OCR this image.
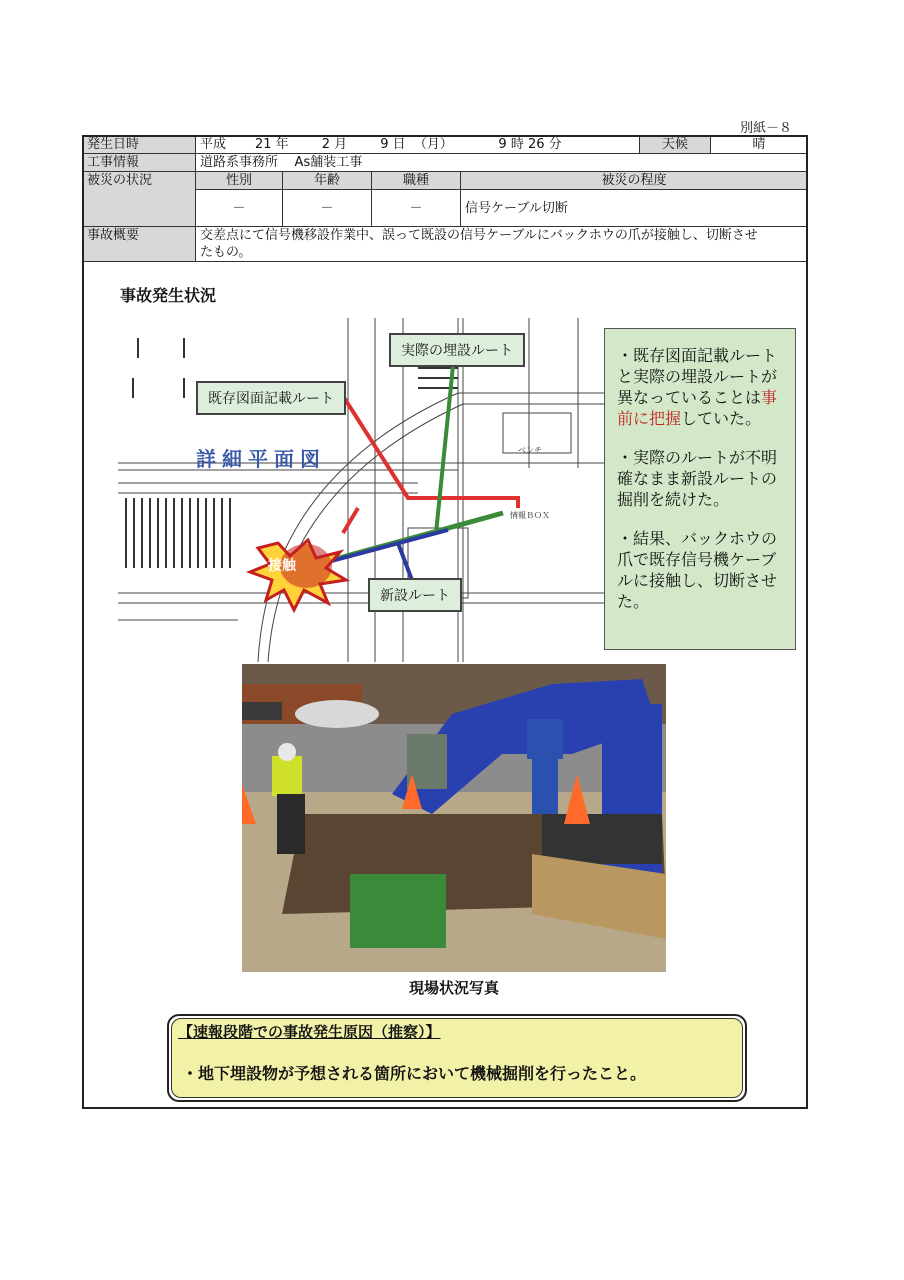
別紙－８
発生日時	平成 21 年 2 月 9 日 （月） 9 時 26 分				天候	晴
工事情報	道路系事務所 As舗装工事					
被災の状況	性別	年齢	職種	被災の程度		
	－	－	－	信号ケーブル切断		
事故概要	交差点にて信号機移設作業中、誤って既設の信号ケーブルにバックホウの爪が接触し、切断させ
たもの。					
事故発生状況
詳細平面図
情報ＢＯＸ
ベンチ
接触
実際の埋設ルート
既存図面記載ルート
新設ルート

・既存図面記載ルートと実際の埋設ルートが異なっていることは事前に把握していた。

・実際のルートが不明確なまま新設ルートの掘削を続けた。

・結果、バックホウの爪で既存信号機ケーブルに接触し、切断させた。

現場状況写真
【速報段階での事故発生原因（推察）】
・地下埋設物が予想される箇所において機械掘削を行ったこと。
